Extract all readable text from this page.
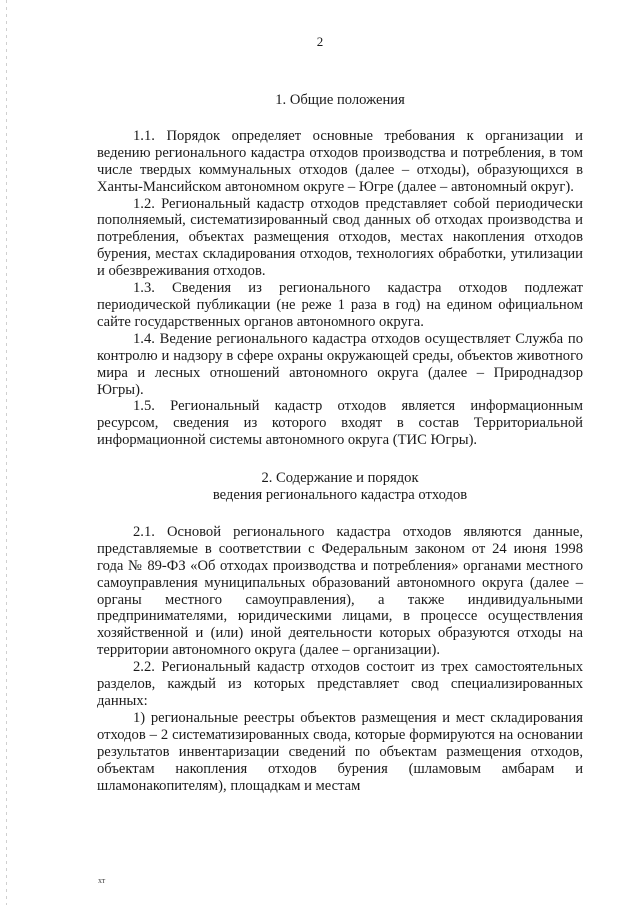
2
1. Общие положения

1.1. Порядок определяет основные требования к организации и ведению регионального кадастра отходов производства и потребления, в том числе твердых коммунальных отходов (далее – отходы), образующихся в Ханты-Мансийском автономном округе – Югре (далее – автономный округ).

1.2. Региональный кадастр отходов представляет собой периодически пополняемый, систематизированный свод данных об отходах производства и потребления, объектах размещения отходов, местах накопления отходов бурения, местах складирования отходов, технологиях обработки, утилизации и обезвреживания отходов.

1.3. Сведения из регионального кадастра отходов подлежат периодической публикации (не реже 1 раза в год) на едином официальном сайте государственных органов автономного округа.

1.4. Ведение регионального кадастра отходов осуществляет Служба по контролю и надзору в сфере охраны окружающей среды, объектов животного мира и лесных отношений автономного округа (далее – Природнадзор Югры).

1.5. Региональный кадастр отходов является информационным ресурсом, сведения из которого входят в состав Территориальной информационной системы автономного округа (ТИС Югры).

2. Содержание и порядок
ведения регионального кадастра отходов

2.1. Основой регионального кадастра отходов являются данные, представляемые в соответствии с Федеральным законом от 24 июня 1998 года № 89-ФЗ «Об отходах производства и потребления» органами местного самоуправления муниципальных образований автономного округа (далее – органы местного самоуправления), а также индивидуальными предпринимателями, юридическими лицами, в процессе осуществления хозяйственной и (или) иной деятельности которых образуются отходы на территории автономного округа (далее – организации).

2.2. Региональный кадастр отходов состоит из трех самостоятельных разделов, каждый из которых представляет свод специализированных данных:

1) региональные реестры объектов размещения и мест складирования отходов – 2 систематизированных свода, которые формируются на основании результатов инвентаризации сведений по объектам размещения отходов, объектам накопления отходов бурения (шламовым амбарам и шламонакопителям), площадкам и местам

хт
